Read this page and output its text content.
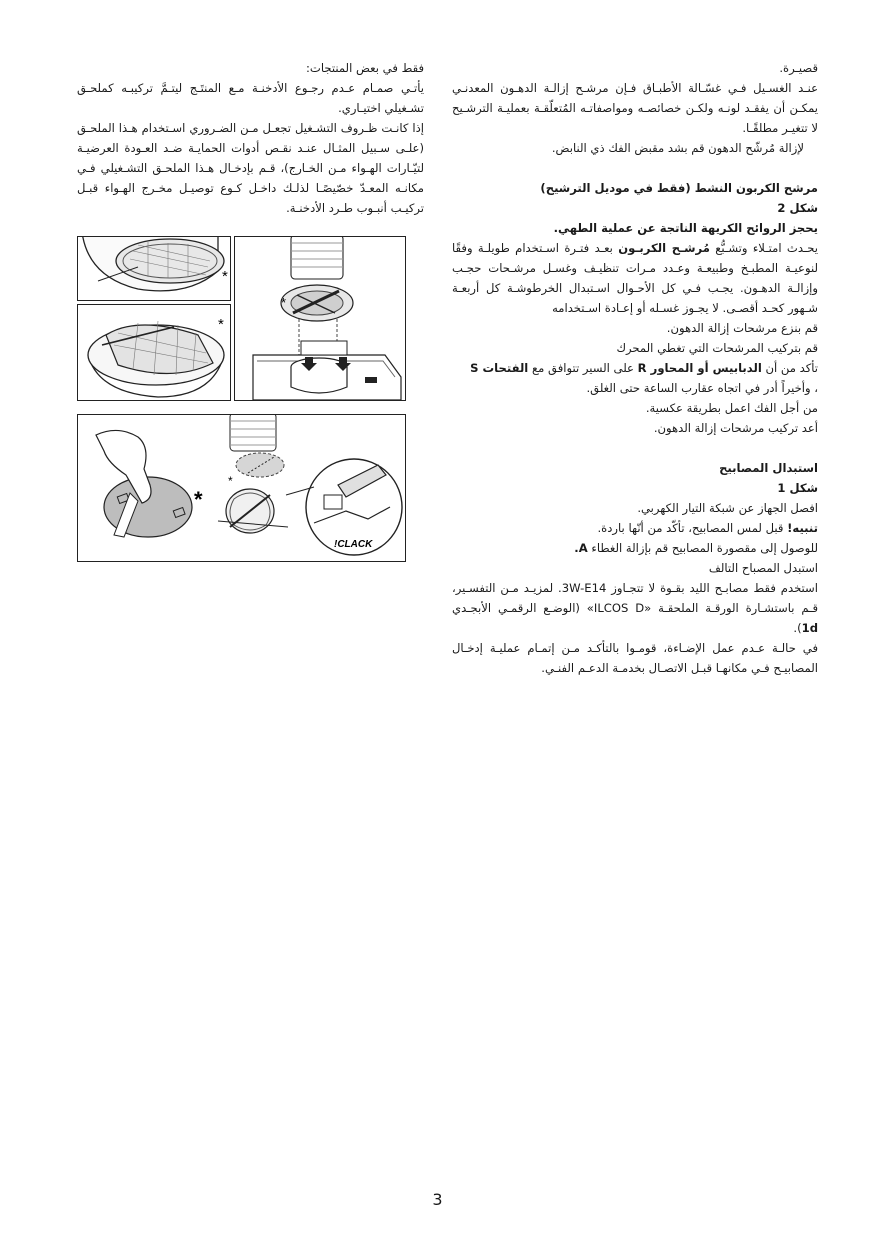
قصيـرة.

عنـد الغسـيل فـي غسّـالة الأطبـاق فـإن مرشـح إزالـة الدهـون المعدنـي يمكـن أن يفقـد لونـه ولكـن خصائصـه ومواصفاتـه المُتعلّقـة بعمليـة الترشـيح لا تتغيـر مطلقًـا.

لإزالة مُرشّح الدهون قم بشد مقبض الفك ذي النابض.

مرشح الكربون النشط (فقط في موديل الترشيح)

شكل 2

يحجز الروائح الكريهة الناتجة عن عملية الطهي.

يحـدث امتـلاء وتشـبُّع مُرشـح الكربـون بعـد فتـرة اسـتخدام طويلـة وفقًا لنوعيـة المطبـخ وطبيعـة وعـدد مـرات تنظيـف وغسـل مرشـحات حجـب وإزالـة الدهـون. يجـب فـي كل الأحـوال اسـتبدال الخرطوشـة كل أربعـة شـهور كحـد أقصـى. لا يجـوز غسـله أو إعـادة اسـتخدامه

قم بنزع مرشحات إزالة الدهون.

قم بتركيب المرشحات التي تغطي المحرك

تأكد من أن الدبابيس أو المحاور R على السير تتوافق مع الفتحات S

، وأخيراً أدر في اتجاه عقارب الساعة حتى الغلق.

من أجل الفك اعمل بطريقة عكسية.

أعد تركيب مرشحات إزالة الدهون.

استبدال المصابيح

شكل 1

افصل الجهاز عن شبكة التيار الكهربي.

تنبيه! قبل لمس المصابيح، تأكّد من أنّها باردة.

للوصول إلى مقصورة المصابيح قم بإزالة الغطاء A.

استبدل المصباح التالف

استخدم فقط مصابـح الليد بقـوة لا تتجـاوز 3W-E14. لمزيـد مـن التفسـير، قـم باستشـارة الورقـة الملحقـة «ILCOS D» (الوضـع الرقمـي الأبجـدي 1d).

في حالـة عـدم عمل الإضـاءة، قومـوا بالتأكـد مـن إتمـام عمليـة إدخـال المصابيـح فـي مكانهـا قبـل الاتصـال بخدمـة الدعـم الفنـي.

فقط في بعض المنتجات:

يأتـي صمـام عـدم رجـوع الأدخنـة مـع المنتَـج ليتـمَّ تركيبـه كملحـق تشـغيلي اختيـاري.

إذا كانـت ظـروف التشـغيل تجعـل مـن الضـروري اسـتخدام هـذا الملحـق (علـى سـبيل المثـال عنـد نقـص أدوات الحمايـة ضـد العـودة العرضيـة لتيّـارات الهـواء مـن الخـارج)، قـم بإدخـال هـذا الملحـق التشـغيلي فـي مكانـه المعـدّ خصّيصًـا لذلـك داخـل كـوع توصيـل مخـرج الهـواء قبـل تركيـب أنبـوب طـرد الأدخنـة.

*
*
*
*
*
!CLACK
3
